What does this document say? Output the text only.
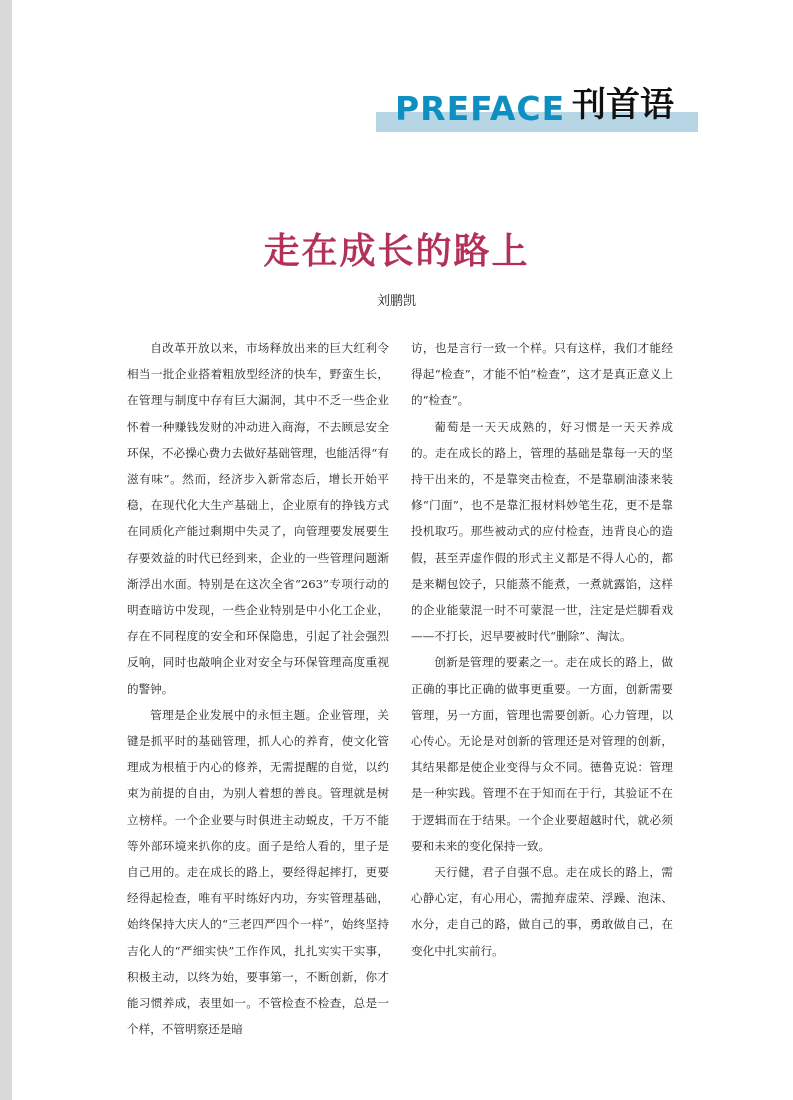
PREFACE 刊首语
走在成长的路上
刘鹏凯

自改革开放以来，市场释放出来的巨大红利令相当一批企业搭着粗放型经济的快车，野蛮生长，在管理与制度中存有巨大漏洞，其中不乏一些企业怀着一种赚钱发财的冲动进入商海，不去顾忌安全环保，不必操心费力去做好基础管理，也能活得“有滋有味”。然而，经济步入新常态后，增长开始平稳，在现代化大生产基础上，企业原有的挣钱方式在同质化产能过剩期中失灵了，向管理要发展要生存要效益的时代已经到来，企业的一些管理问题渐渐浮出水面。特别是在这次全省“263”专项行动的明查暗访中发现，一些企业特别是中小化工企业，存在不同程度的安全和环保隐患，引起了社会强烈反响，同时也敲响企业对安全与环保管理高度重视的警钟。

管理是企业发展中的永恒主题。企业管理，关键是抓平时的基础管理，抓人心的养育，使文化管理成为根植于内心的修养，无需提醒的自觉，以约束为前提的自由，为别人着想的善良。管理就是树立榜样。一个企业要与时俱进主动蜕皮，千万不能等外部环境来扒你的皮。面子是给人看的，里子是自己用的。走在成长的路上，要经得起摔打，更要经得起检查，唯有平时练好内功，夯实管理基础，始终保持大庆人的“三老四严四个一样”，始终坚持吉化人的“严细实快”工作作风，扎扎实实干实事，积极主动，以终为始，要事第一，不断创新，你才能习惯养成，表里如一。不管检查不检查，总是一个样，不管明察还是暗

访，也是言行一致一个样。只有这样，我们才能经得起“检查”，才能不怕“检查”，这才是真正意义上的“检查”。

葡萄是一天天成熟的，好习惯是一天天养成的。走在成长的路上，管理的基础是靠每一天的坚持干出来的，不是靠突击检查，不是靠刷油漆来装修“门面”，也不是靠汇报材料妙笔生花，更不是靠投机取巧。那些被动式的应付检查，违背良心的造假，甚至弄虚作假的形式主义都是不得人心的，都是来糊包饺子，只能蒸不能煮，一煮就露馅，这样的企业能蒙混一时不可蒙混一世，注定是烂脚看戏——不打长，迟早要被时代“删除”、淘汰。

创新是管理的要素之一。走在成长的路上，做正确的事比正确的做事更重要。一方面，创新需要管理，另一方面，管理也需要创新。心力管理，以心传心。无论是对创新的管理还是对管理的创新，其结果都是使企业变得与众不同。德鲁克说：管理是一种实践。管理不在于知而在于行，其验证不在于逻辑而在于结果。一个企业要超越时代，就必须要和未来的变化保持一致。

天行健，君子自强不息。走在成长的路上，需心静心定，有心用心，需抛弃虚荣、浮躁、泡沫、水分，走自己的路，做自己的事，勇敢做自己，在变化中扎实前行。
